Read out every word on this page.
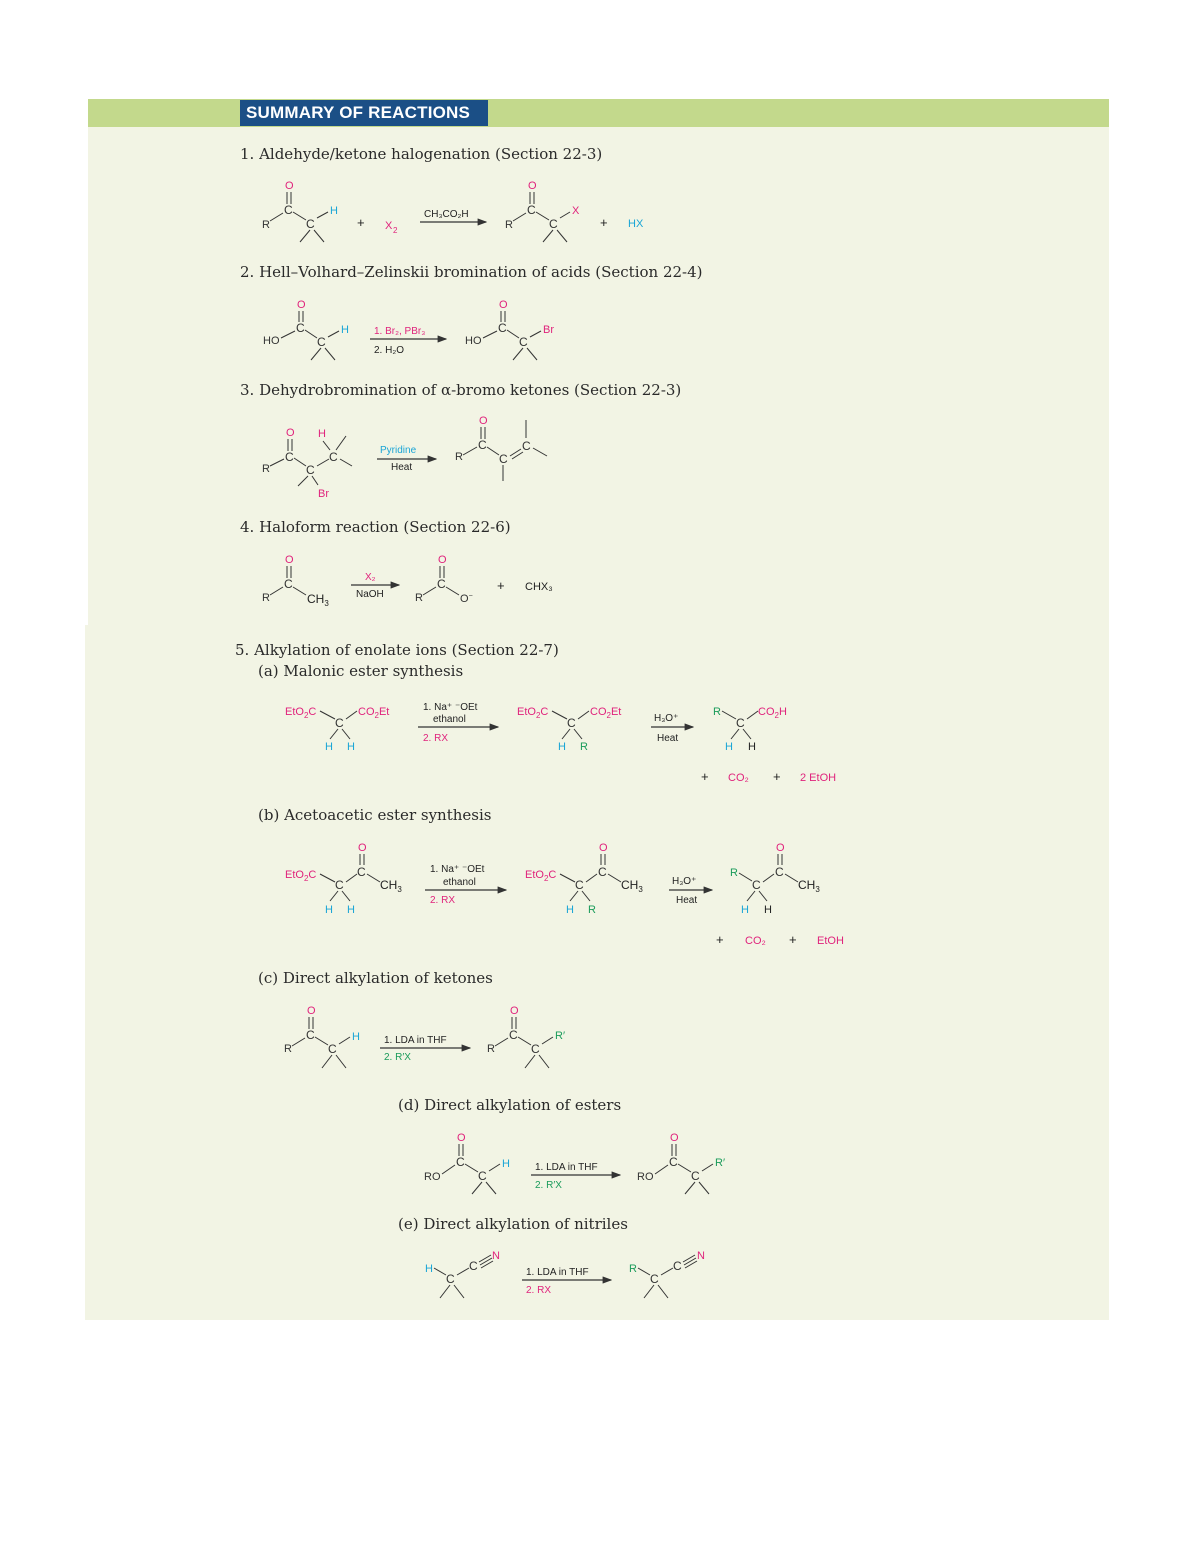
SUMMARY OF REACTIONS
1. Aldehyde/ketone halogenation (Section 22-3)
2. Hell–Volhard–Zelinskii bromination of acids (Section 22-4)
3. Dehydrobromination of α-bromo ketones (Section 22-3)
4. Haloform reaction (Section 22-6)
5. Alkylation of enolate ions (Section 22-7)
(a) Malonic ester synthesis
(b) Acetoacetic ester synthesis
(c) Direct alkylation of ketones
(d) Direct alkylation of esters
(e) Direct alkylation of nitriles
O
C
R	C
H
+ X 2
CH₃CO₂H
O
C
R	C
X
+ HX
O
C
HO	C
H	1. Br₂, PBr₃
2. H₂O
O
C
HO	C
Br
O
C
R	C
C
H
Br
Pyridine
Heat
O
C
R	C
C
O
C
R	$CH_3$
X₂
NaOH
O
C
R	O−
+ CHX₃
EtO$_2$C
C
$CO_2Et$
H H
1. Na⁺ ⁻OEt
ethanol
2. RX
EtO$_2$C
C
$CO_2Et$
H R
H₃O⁺
Heat
R
C
$CO_2H$
H H
+ CO₂ + 2 EtOH
EtO$_2$C
C
C
O
$CH_3$
H H
1. Na⁺ ⁻OEt
ethanol
2. RX
EtO$_2$C
C
C
O
$CH_3$
H R
H₃O⁺
Heat
R
C
C
O
$CH_3$
H H
+ CO₂ + EtOH
O
C
R	C
H 1. LDA in THF
2. R′X
O
C
R	C
R′
O
C
RO	C
H	1. LDA in THF
2. R′X
O
C
RO	C
R′
H
C
C
N
1. LDA in THF
2. RX
R
C
C
N
